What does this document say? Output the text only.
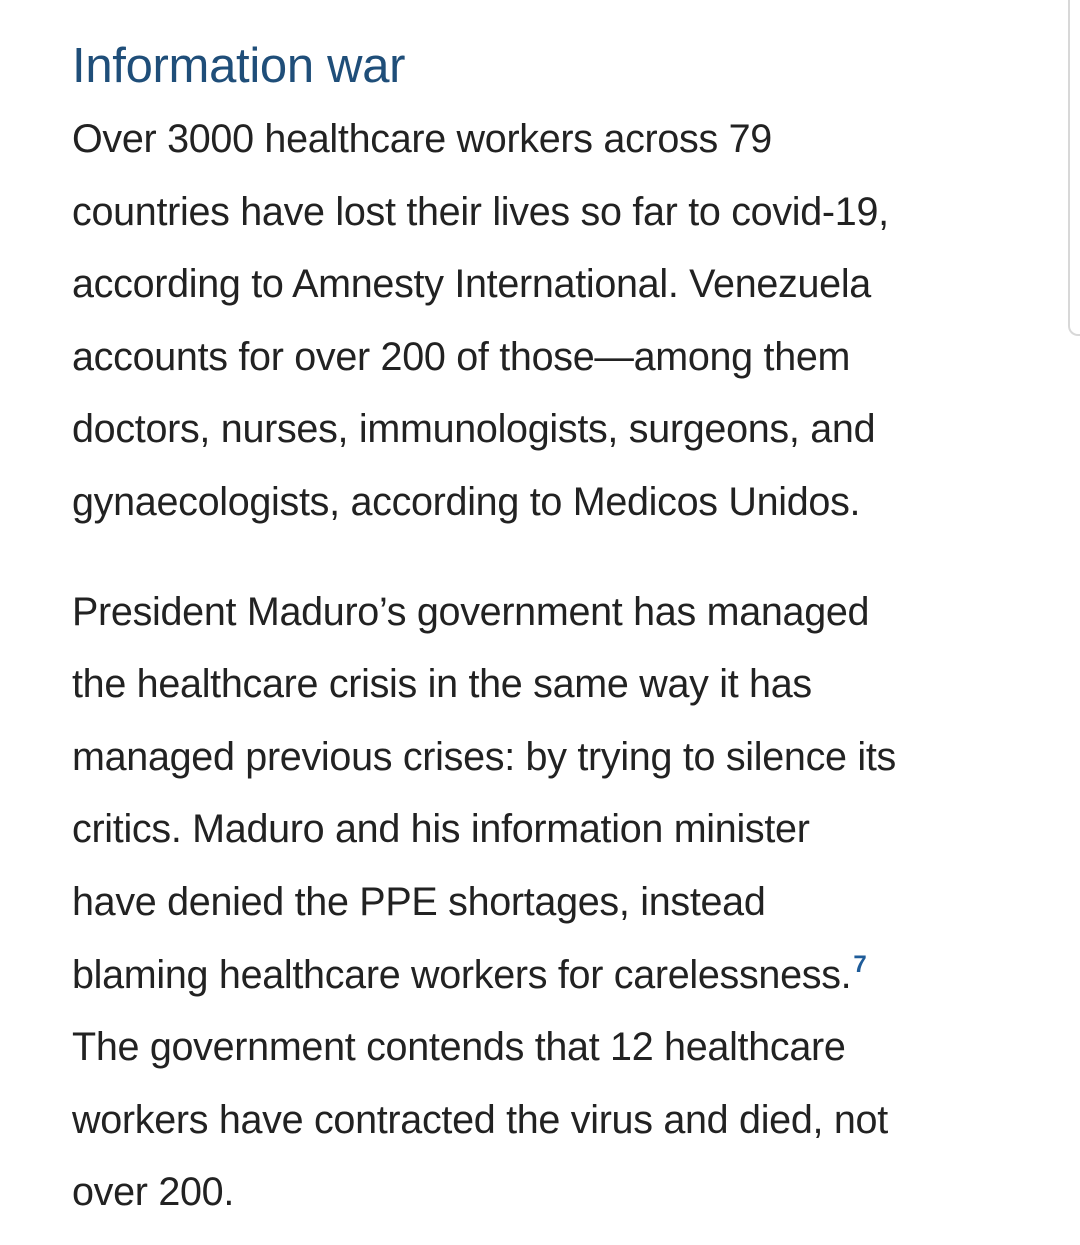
Information war

Over 3000 healthcare workers across 79
countries have lost their lives so far to covid-19,
according to Amnesty International. Venezuela
accounts for over 200 of those—among them
doctors, nurses, immunologists, surgeons, and
gynaecologists, according to Medicos Unidos.

President Maduro’s government has managed
the healthcare crisis in the same way it has
managed previous crises: by trying to silence its
critics. Maduro and his information minister
have denied the PPE shortages, instead
blaming healthcare workers for carelessness.$^7$
The government contends that 12 healthcare
workers have contracted the virus and died, not
over 200.
